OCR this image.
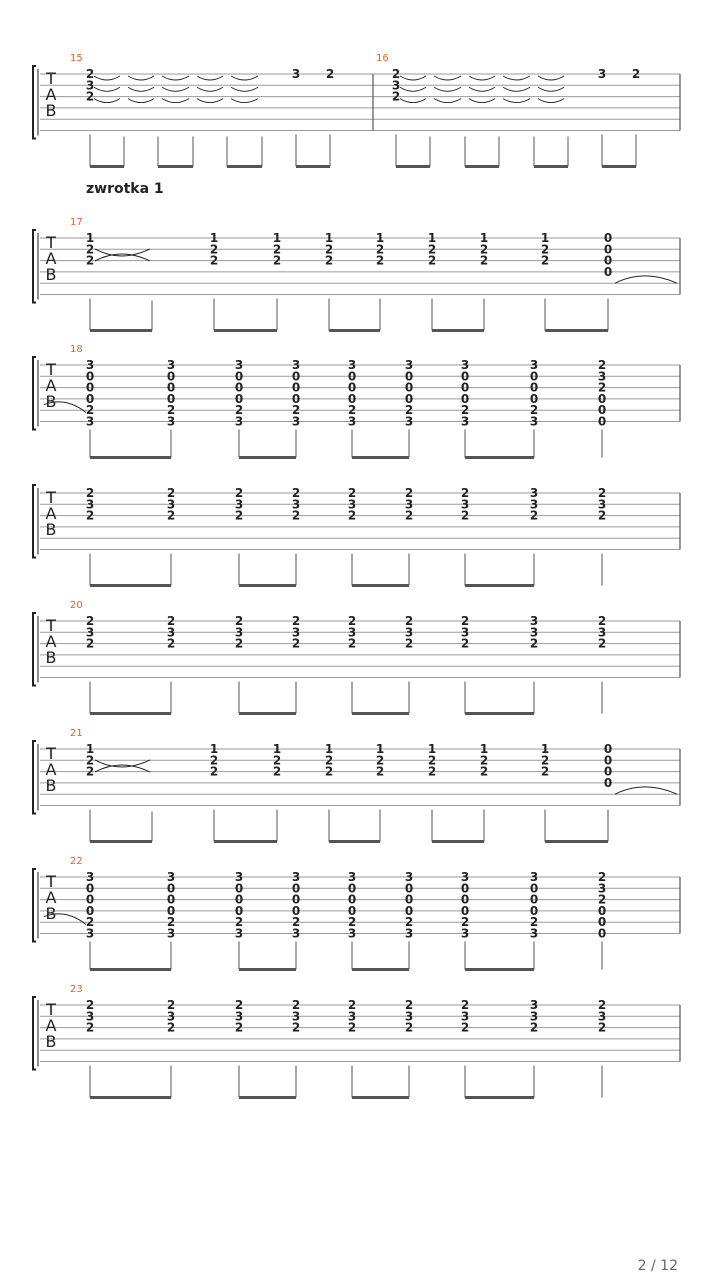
zwrotka 1
T
A
B
15
2
3
2
3 2
16
2
3
2
3 2
T
A
B
17
1
2
2
1
2
2
1
2
2
1
2
2
1
2
2
1
2
2
1
2
2
1
2
2
0
0
0
0
T
A
B
18
3
0
0
0
2
3
3
0
0
0
2
3
3
0
0
0
2
3
3
0
0
0
2
3
3
0
0
0
2
3
3
0
0
0
2
3
3
0
0
0
2
3
3
0
0
0
2
3
2
3
2
0
0
0
T
A
B
2
3
2
2
3
2
2
3
2
2
3
2
2
3
2
2
3
2
2
3
2
3
3
2
2
3
2
T
A
B
20
2
3
2
2
3
2
2
3
2
2
3
2
2
3
2
2
3
2
2
3
2
3
3
2
2
3
2
T
A
B
21
1
2
2
1
2
2
1
2
2
1
2
2
1
2
2
1
2
2
1
2
2
1
2
2
0
0
0
0
T
A
B
22
3
0
0
0
2
3
3
0
0
0
2
3
3
0
0
0
2
3
3
0
0
0
2
3
3
0
0
0
2
3
3
0
0
0
2
3
3
0
0
0
2
3
3
0
0
0
2
3
2
3
2
0
0
0
T
A
B
23
2
3
2
2
3
2
2
3
2
2
3
2
2
3
2
2
3
2
2
3
2
3
3
2
2
3
2
2 / 12
